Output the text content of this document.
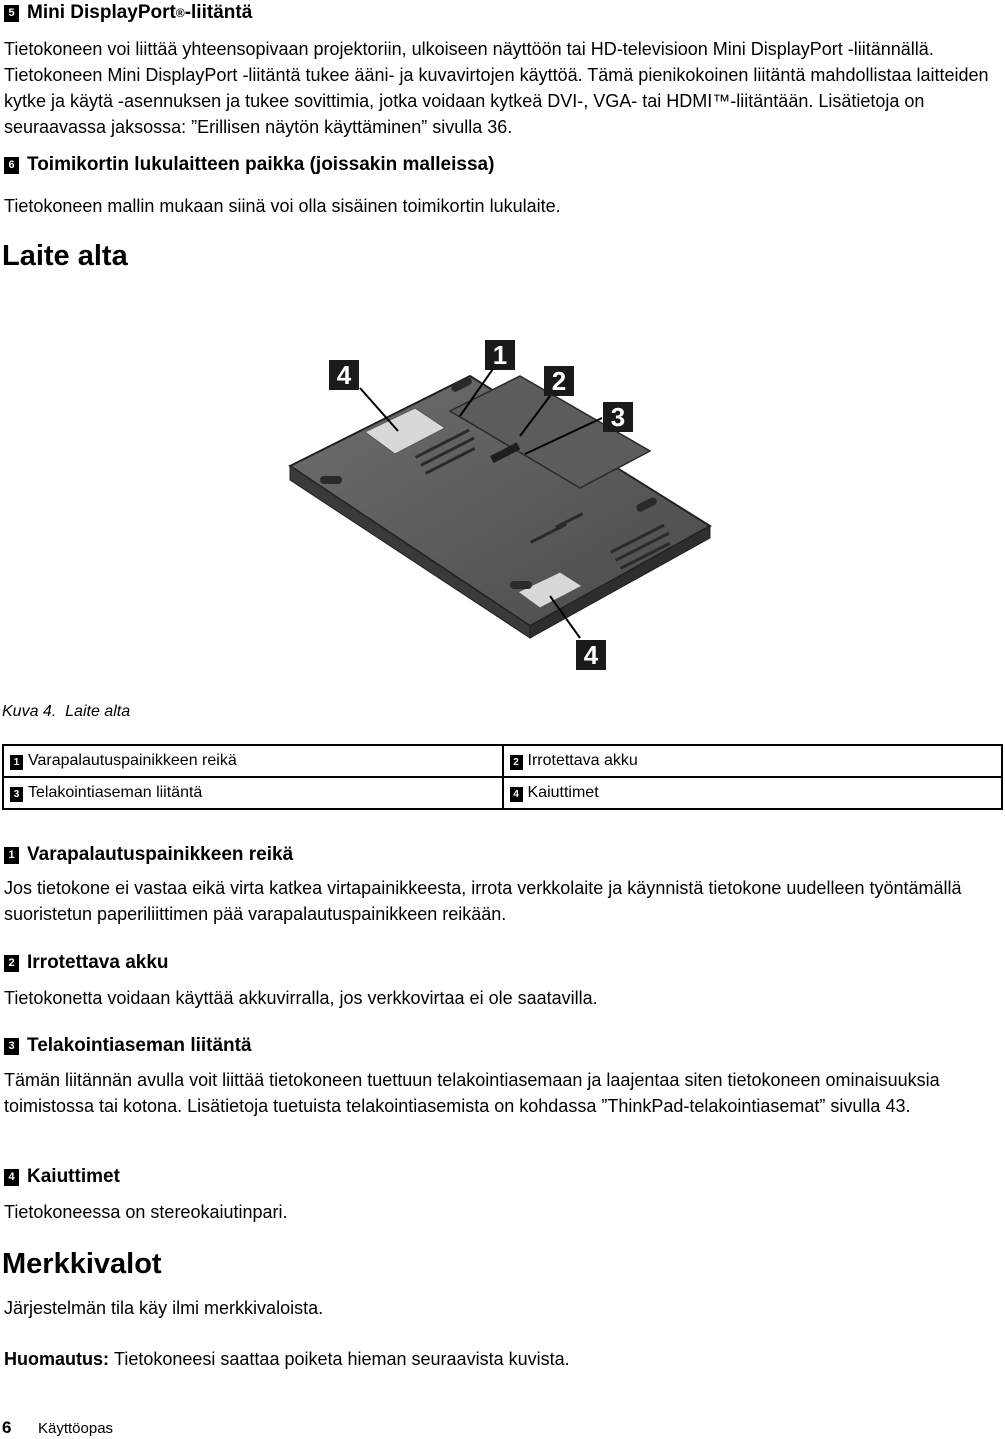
5 Mini DisplayPort ® -liitäntä
Tietokoneen voi liittää yhteensopivaan projektoriin, ulkoiseen näyttöön tai HD-televisioon Mini DisplayPort -liitännällä. Tietokoneen Mini DisplayPort -liitäntä tukee ääni- ja kuvavirtojen käyttöä. Tämä pienikokoinen liitäntä mahdollistaa laitteiden kytke ja käytä -asennuksen ja tukee sovittimia, jotka voidaan kytkeä DVI-, VGA- tai HDMI™-liitäntään. Lisätietoja on seuraavassa jaksossa: ”Erillisen näytön käyttäminen” sivulla 36.
6 Toimikortin lukulaitteen paikka (joissakin malleissa)
Tietokoneen mallin mukaan siinä voi olla sisäinen toimikortin lukulaite.
Laite alta
1
2
3
4
4
Kuva 4. Laite alta
1 Varapalautuspainikkeen reikä	2 Irrotettava akku
3 Telakointiaseman liitäntä	4 Kaiuttimet
1 Varapalautuspainikkeen reikä
Jos tietokone ei vastaa eikä virta katkea virtapainikkeesta, irrota verkkolaite ja käynnistä tietokone uudelleen työntämällä suoristetun paperiliittimen pää varapalautuspainikkeen reikään.
2 Irrotettava akku
Tietokonetta voidaan käyttää akkuvirralla, jos verkkovirtaa ei ole saatavilla.
3 Telakointiaseman liitäntä
Tämän liitännän avulla voit liittää tietokoneen tuettuun telakointiasemaan ja laajentaa siten tietokoneen ominaisuuksia toimistossa tai kotona. Lisätietoja tuetuista telakointiasemista on kohdassa ”ThinkPad-telakointiasemat” sivulla 43.
4 Kaiuttimet
Tietokoneessa on stereokaiutinpari.
Merkkivalot
Järjestelmän tila käy ilmi merkkivaloista.
Huomautus: Tietokoneesi saattaa poiketa hieman seuraavista kuvista.
6	Käyttöopas
